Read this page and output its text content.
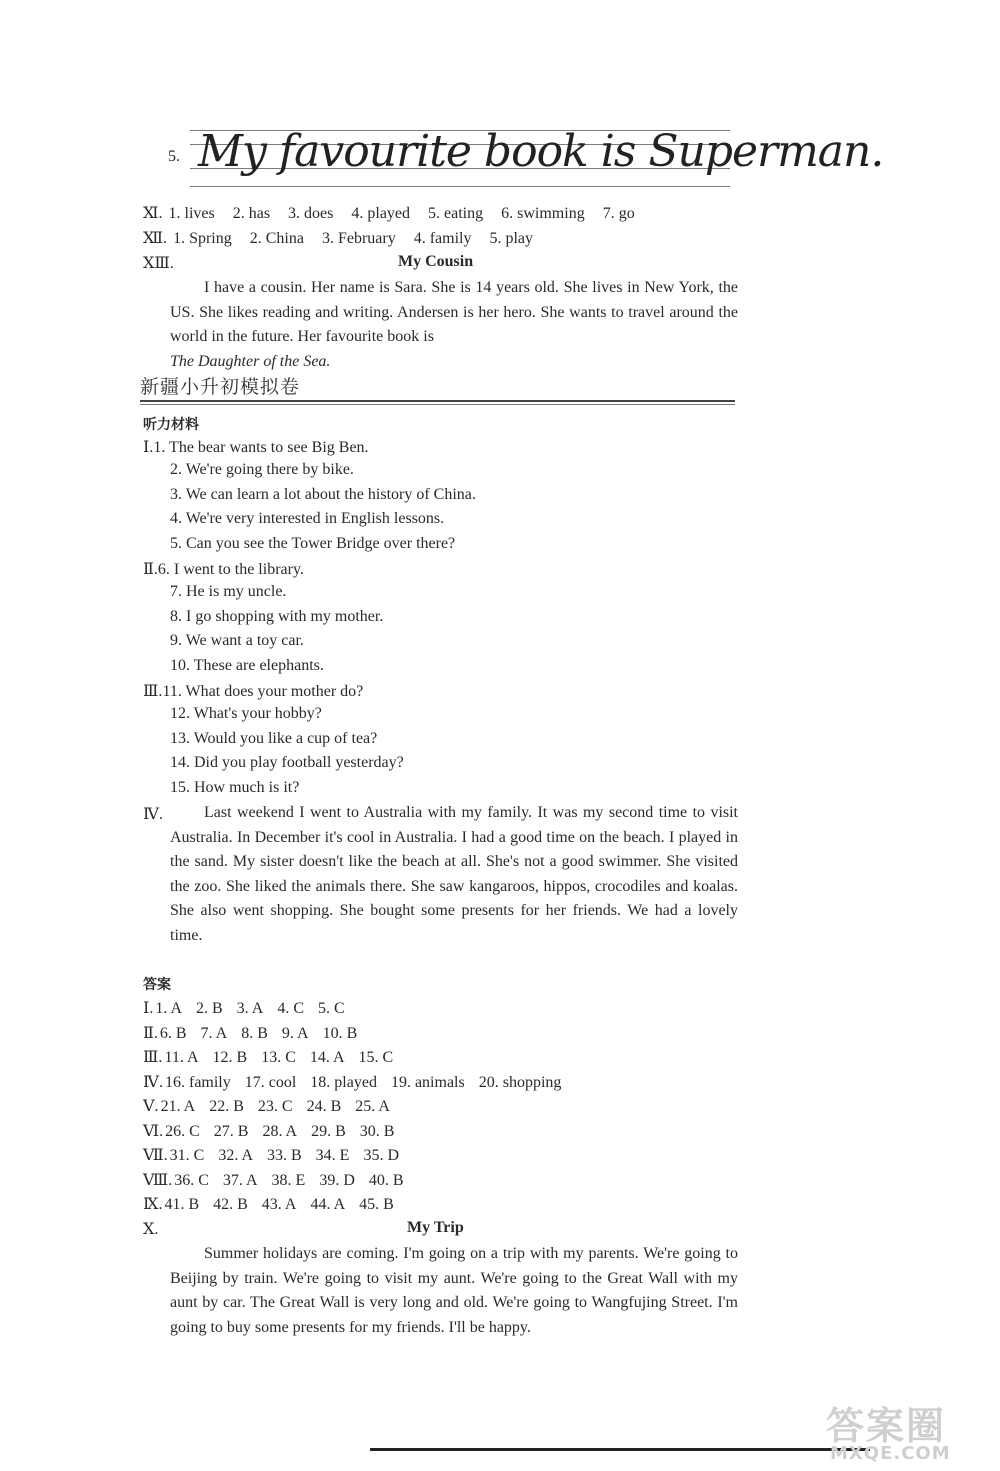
5. My favourite book is Superman.
Ⅺ. 1. lives 2. has 3. does 4. played 5. eating 6. swimming 7. go
Ⅻ. 1. Spring 2. China 3. February 4. family 5. play
ⅩⅢ.	My Cousin

I have a cousin. Her name is Sara. She is 14 years old. She lives in New York, the US. She likes reading and writing. Andersen is her hero. She wants to travel around the world in the future. Her favourite book is

The Daughter of the Sea.

新疆小升初模拟卷
听力材料
Ⅰ.1. The bear wants to see Big Ben.
2. We're going there by bike.
3. We can learn a lot about the history of China.
4. We're very interested in English lessons.
5. Can you see the Tower Bridge over there?
Ⅱ.6. I went to the library.
7. He is my uncle.
8. I go shopping with my mother.
9. We want a toy car.
10. These are elephants.
Ⅲ.11. What does your mother do?
12. What's your hobby?
13. Would you like a cup of tea?
14. Did you play football yesterday?
15. How much is it?
Ⅳ.	Last weekend I went to Australia with my family. It was my second time to visit Australia. In December it's cool in Australia. I had a good time on the beach. I played in the sand. My sister doesn't like the beach at all. She's not a good swimmer. She visited the zoo. She liked the animals there. She saw kangaroos, hippos, crocodiles and koalas. She also went shopping. She bought some presents for her friends. We had a lovely time.

答案
Ⅰ. 1. A 2. B 3. A 4. C 5. C
Ⅱ. 6. B 7. A 8. B 9. A 10. B
Ⅲ. 11. A 12. B 13. C 14. A 15. C
Ⅳ. 16. family 17. cool 18. played 19. animals 20. shopping
Ⅴ. 21. A 22. B 23. C 24. B 25. A
Ⅵ. 26. C 27. B 28. A 29. B 30. B
Ⅶ. 31. C 32. A 33. B 34. E 35. D
Ⅷ. 36. C 37. A 38. E 39. D 40. B
Ⅸ. 41. B 42. B 43. A 44. A 45. B
Ⅹ.	My Trip

Summer holidays are coming. I'm going on a trip with my parents. We're going to Beijing by train. We're going to visit my aunt. We're going to the Great Wall with my aunt by car. The Great Wall is very long and old. We're going to Wangfujing Street. I'm going to buy some presents for my friends. I'll be happy.

答案圈
MXQE.COM
